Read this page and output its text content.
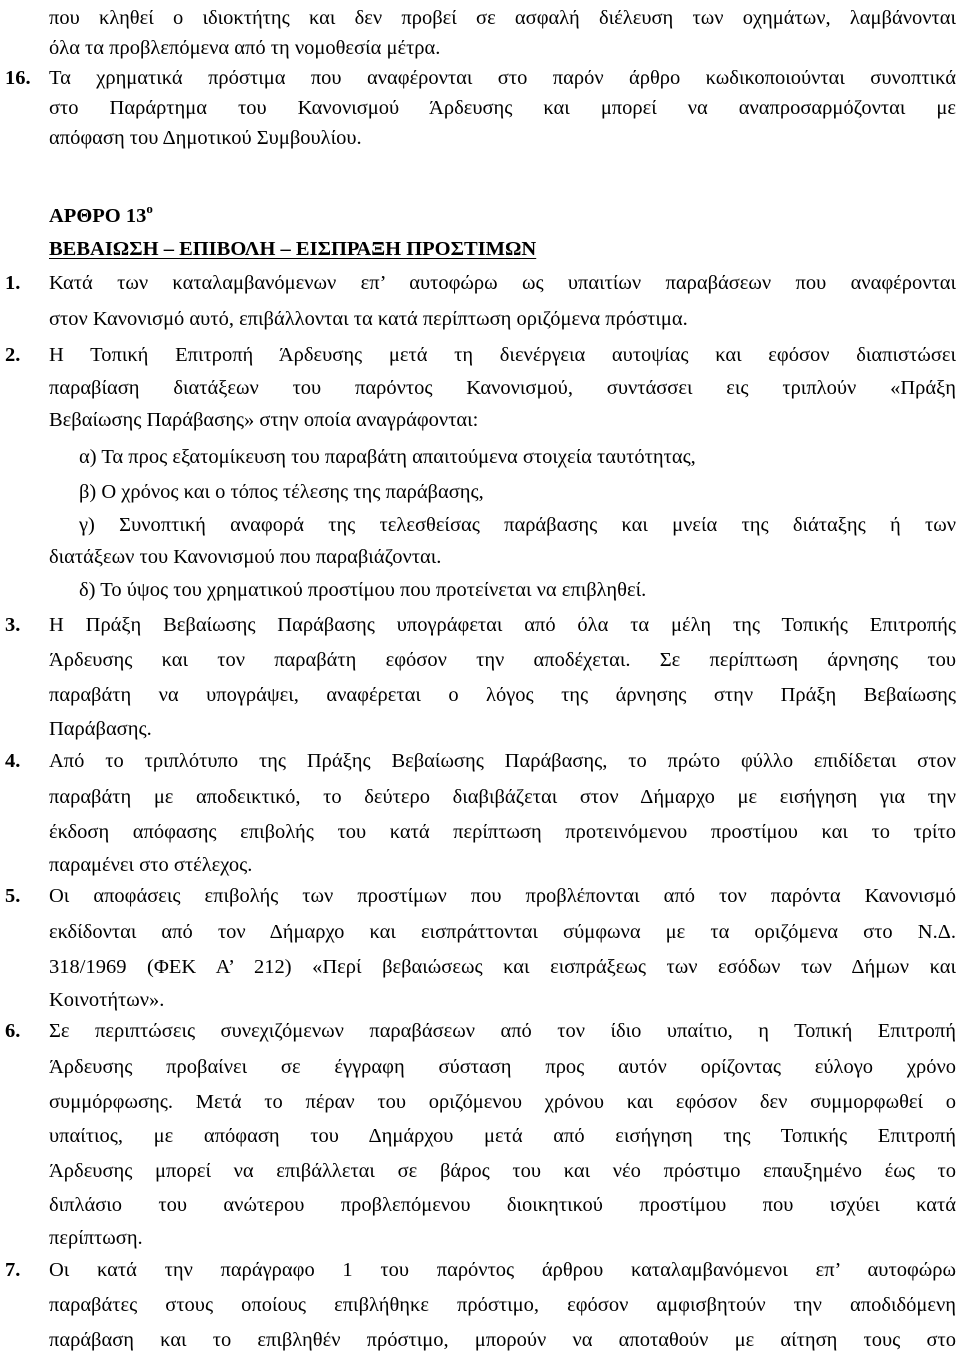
που κληθεί ο ιδιοκτήτης και δεν προβεί σε ασφαλή διέλευση των οχημάτων, λαμβάνονται
όλα τα προβλεπόμενα από τη νομοθεσία μέτρα.
16. Τα χρηματικά πρόστιμα που αναφέρονται στο παρόν άρθρο κωδικοποιούνται συνοπτικά
στο Παράρτημα του Κανονισμού Άρδευσης και μπορεί να αναπροσαρμόζονται με
απόφαση του Δημοτικού Συμβουλίου.
ΑΡΘΡΟ $13^o$
ΒΕΒΑΙΩΣΗ – ΕΠΙΒΟΛΗ – ΕΙΣΠΡΑΞΗ ΠΡΟΣΤΙΜΩΝ
1. Κατά των καταλαμβανόμενων επ’ αυτοφώρω ως υπαιτίων παραβάσεων που αναφέρονται
στον Κανονισμό αυτό, επιβάλλονται τα κατά περίπτωση οριζόμενα πρόστιμα.
2. Η Τοπική Επιτροπή Άρδευσης μετά τη διενέργεια αυτοψίας και εφόσον διαπιστώσει
παραβίαση διατάξεων του παρόντος Κανονισμού, συντάσσει εις τριπλούν «Πράξη
Βεβαίωσης Παράβασης» στην οποία αναγράφονται:
α) Τα προς εξατομίκευση του παραβάτη απαιτούμενα στοιχεία ταυτότητας,
β) Ο χρόνος και ο τόπος τέλεσης της παράβασης,
γ) Συνοπτική αναφορά της τελεσθείσας παράβασης και μνεία της διάταξης ή των
διατάξεων του Κανονισμού που παραβιάζονται.
δ) Το ύψος του χρηματικού προστίμου που προτείνεται να επιβληθεί.
3. Η Πράξη Βεβαίωσης Παράβασης υπογράφεται από όλα τα μέλη της Τοπικής Επιτροπής
Άρδευσης και τον παραβάτη εφόσον την αποδέχεται. Σε περίπτωση άρνησης του
παραβάτη να υπογράψει, αναφέρεται ο λόγος της άρνησης στην Πράξη Βεβαίωσης
Παράβασης.
4. Από το τριπλότυπο της Πράξης Βεβαίωσης Παράβασης, το πρώτο φύλλο επιδίδεται στον
παραβάτη με αποδεικτικό, το δεύτερο διαβιβάζεται στον Δήμαρχο με εισήγηση για την
έκδοση απόφασης επιβολής του κατά περίπτωση προτεινόμενου προστίμου και το τρίτο
παραμένει στο στέλεχος.
5. Οι αποφάσεις επιβολής των προστίμων που προβλέπονται από τον παρόντα Κανονισμό
εκδίδονται από τον Δήμαρχο και εισπράττονται σύμφωνα με τα οριζόμενα στο Ν.Δ.
318/1969 (ΦΕΚ Α’ 212) «Περί βεβαιώσεως και εισπράξεως των εσόδων των Δήμων και
Κοινοτήτων».
6. Σε περιπτώσεις συνεχιζόμενων παραβάσεων από τον ίδιο υπαίτιο, η Τοπική Επιτροπή
Άρδευσης προβαίνει σε έγγραφη σύσταση προς αυτόν ορίζοντας εύλογο χρόνο
συμμόρφωσης. Μετά το πέραν του οριζόμενου χρόνου και εφόσον δεν συμμορφωθεί ο
υπαίτιος, με απόφαση του Δημάρχου μετά από εισήγηση της Τοπικής Επιτροπή
Άρδευσης μπορεί να επιβάλλεται σε βάρος του και νέο πρόστιμο επαυξημένο έως το
διπλάσιο του ανώτερου προβλεπόμενου διοικητικού προστίμου που ισχύει κατά
περίπτωση.
7. Οι κατά την παράγραφο 1 του παρόντος άρθρου καταλαμβανόμενοι επ’ αυτοφώρω
παραβάτες στους οποίους επιβλήθηκε πρόστιμο, εφόσον αμφισβητούν την αποδιδόμενη
παράβαση και το επιβληθέν πρόστιμο, μπορούν να αποταθούν με αίτηση τους στο
